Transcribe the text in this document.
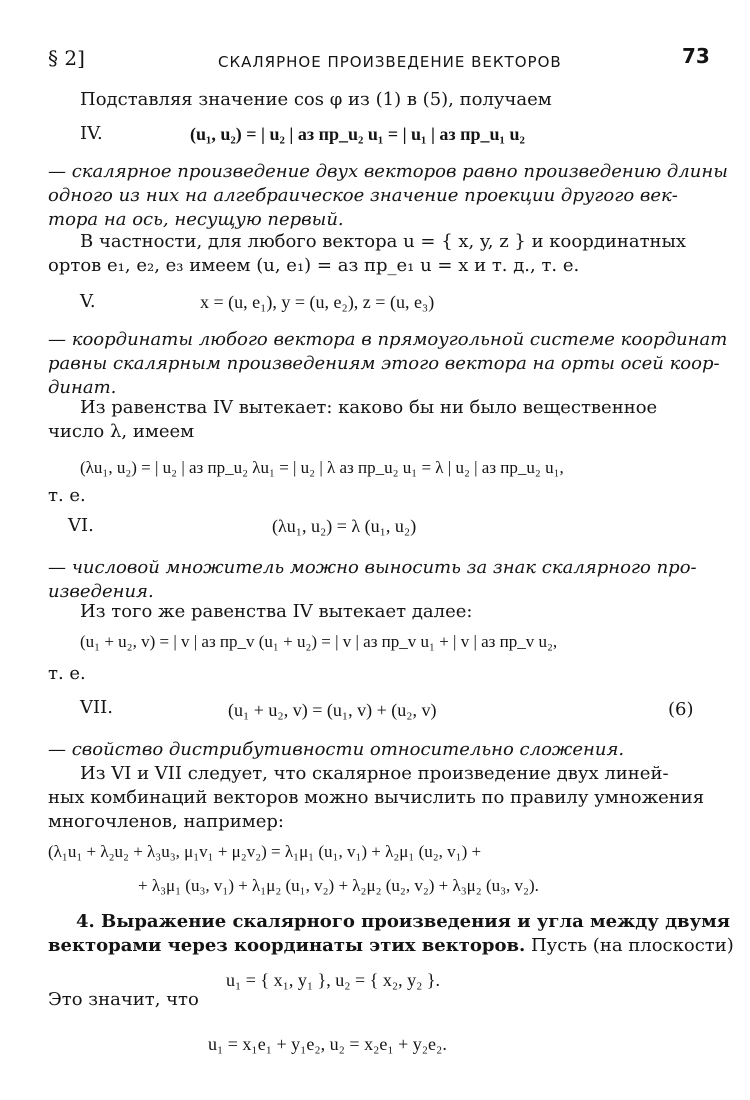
§ 2]	СКАЛЯРНОЕ ПРОИЗВЕДЕНИЕ ВЕКТОРОВ	73
Подставляя значение cos φ из (1) в (5), получаем
IV.	(u₁, u₂) = | u₂ | аз пр_u₂ u₁ = | u₁ | аз пр_u₁ u₂
— скалярное произведение двух векторов равно произведению длины
одного из них на алгебраическое значение проекции другого век-
тора на ось, несущую первый.
В частности, для любого вектора u = { x, y, z } и координатных
ортов e₁, e₂, e₃ имеем (u, e₁) = аз пр_e₁ u = x и т. д., т. е.
V.	x = (u, e₁), y = (u, e₂), z = (u, e₃)
— координаты любого вектора в прямоугольной системе координат
равны скалярным произведениям этого вектора на орты осей коор-
динат.
Из равенства IV вытекает: каково бы ни было вещественное
число λ, имеем
(λu₁, u₂) = | u₂ | аз пр_u₂ λu₁ = | u₂ | λ аз пр_u₂ u₁ = λ | u₂ | аз пр_u₂ u₁,
т. е.
VI.	(λu₁, u₂) = λ (u₁, u₂)
— числовой множитель можно выносить за знак скалярного про-
изведения.
Из того же равенства IV вытекает далее:
(u₁ + u₂, v) = | v | аз пр_v (u₁ + u₂) = | v | аз пр_v u₁ + | v | аз пр_v u₂,
т. е.
VII.	(u₁ + u₂, v) = (u₁, v) + (u₂, v)	(6)
— свойство дистрибутивности относительно сложения.
Из VI и VII следует, что скалярное произведение двух линей-
ных комбинаций векторов можно вычислить по правилу умножения
многочленов, например:
(λ₁u₁ + λ₂u₂ + λ₃u₃, μ₁v₁ + μ₂v₂) = λ₁μ₁ (u₁, v₁) + λ₂μ₁ (u₂, v₁) +
+ λ₃μ₁ (u₃, v₁) + λ₁μ₂ (u₁, v₂) + λ₂μ₂ (u₂, v₂) + λ₃μ₂ (u₃, v₂).
4. Выражение скалярного произведения и угла между двумя
векторами через координаты этих векторов. Пусть (на плоскости)
u₁ = { x₁, y₁ }, u₂ = { x₂, y₂ }.
Это значит, что
u₁ = x₁e₁ + y₁e₂, u₂ = x₂e₁ + y₂e₂.
